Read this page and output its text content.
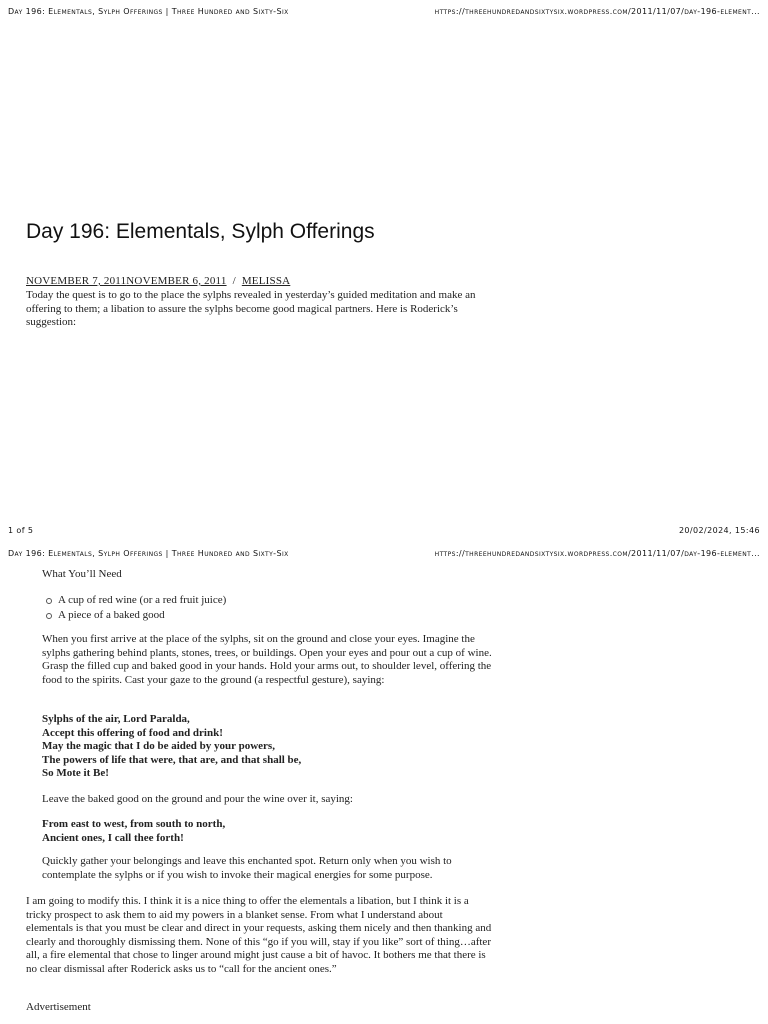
Day 196: Elementals, Sylph Offerings | Three Hundred and Sixty-Six	https://threehundredandsixtysix.wordpress.com/2011/11/07/day-196-element...
Day 196: Elementals, Sylph Offerings
NOVEMBER 7, 2011NOVEMBER 6, 2011 / MELISSA

Today the quest is to go to the place the sylphs revealed in yesterday’s guided meditation and make an offering to them; a libation to assure the sylphs become good magical partners. Here is Roderick’s suggestion:

1 of 5	20/02/2024, 15:46
Day 196: Elementals, Sylph Offerings | Three Hundred and Sixty-Six	https://threehundredandsixtysix.wordpress.com/2011/11/07/day-196-element...

What You’ll Need

A cup of red wine (or a red fruit juice)
A piece of a baked good

When you first arrive at the place of the sylphs, sit on the ground and close your eyes. Imagine the sylphs gathering behind plants, stones, trees, or buildings. Open your eyes and pour out a cup of wine. Grasp the filled cup and baked good in your hands. Hold your arms out, to shoulder level, offering the food to the spirits. Cast your gaze to the ground (a respectful gesture), saying:

Sylphs of the air, Lord Paralda,
Accept this offering of food and drink!
May the magic that I do be aided by your powers,
The powers of life that were, that are, and that shall be,
So Mote it Be!

Leave the baked good on the ground and pour the wine over it, saying:

From east to west, from south to north,
Ancient ones, I call thee forth!

Quickly gather your belongings and leave this enchanted spot. Return only when you wish to contemplate the sylphs or if you wish to invoke their magical energies for some purpose.

I am going to modify this. I think it is a nice thing to offer the elementals a libation, but I think it is a tricky prospect to ask them to aid my powers in a blanket sense. From what I understand about elementals is that you must be clear and direct in your requests, asking them nicely and then thanking and clearly and thoroughly dismissing them. None of this “go if you will, stay if you like” sort of thing…after all, a fire elemental that chose to linger around might just cause a bit of havoc. It bothers me that there is no clear dismissal after Roderick asks us to “call for the ancient ones.”

Advertisement
